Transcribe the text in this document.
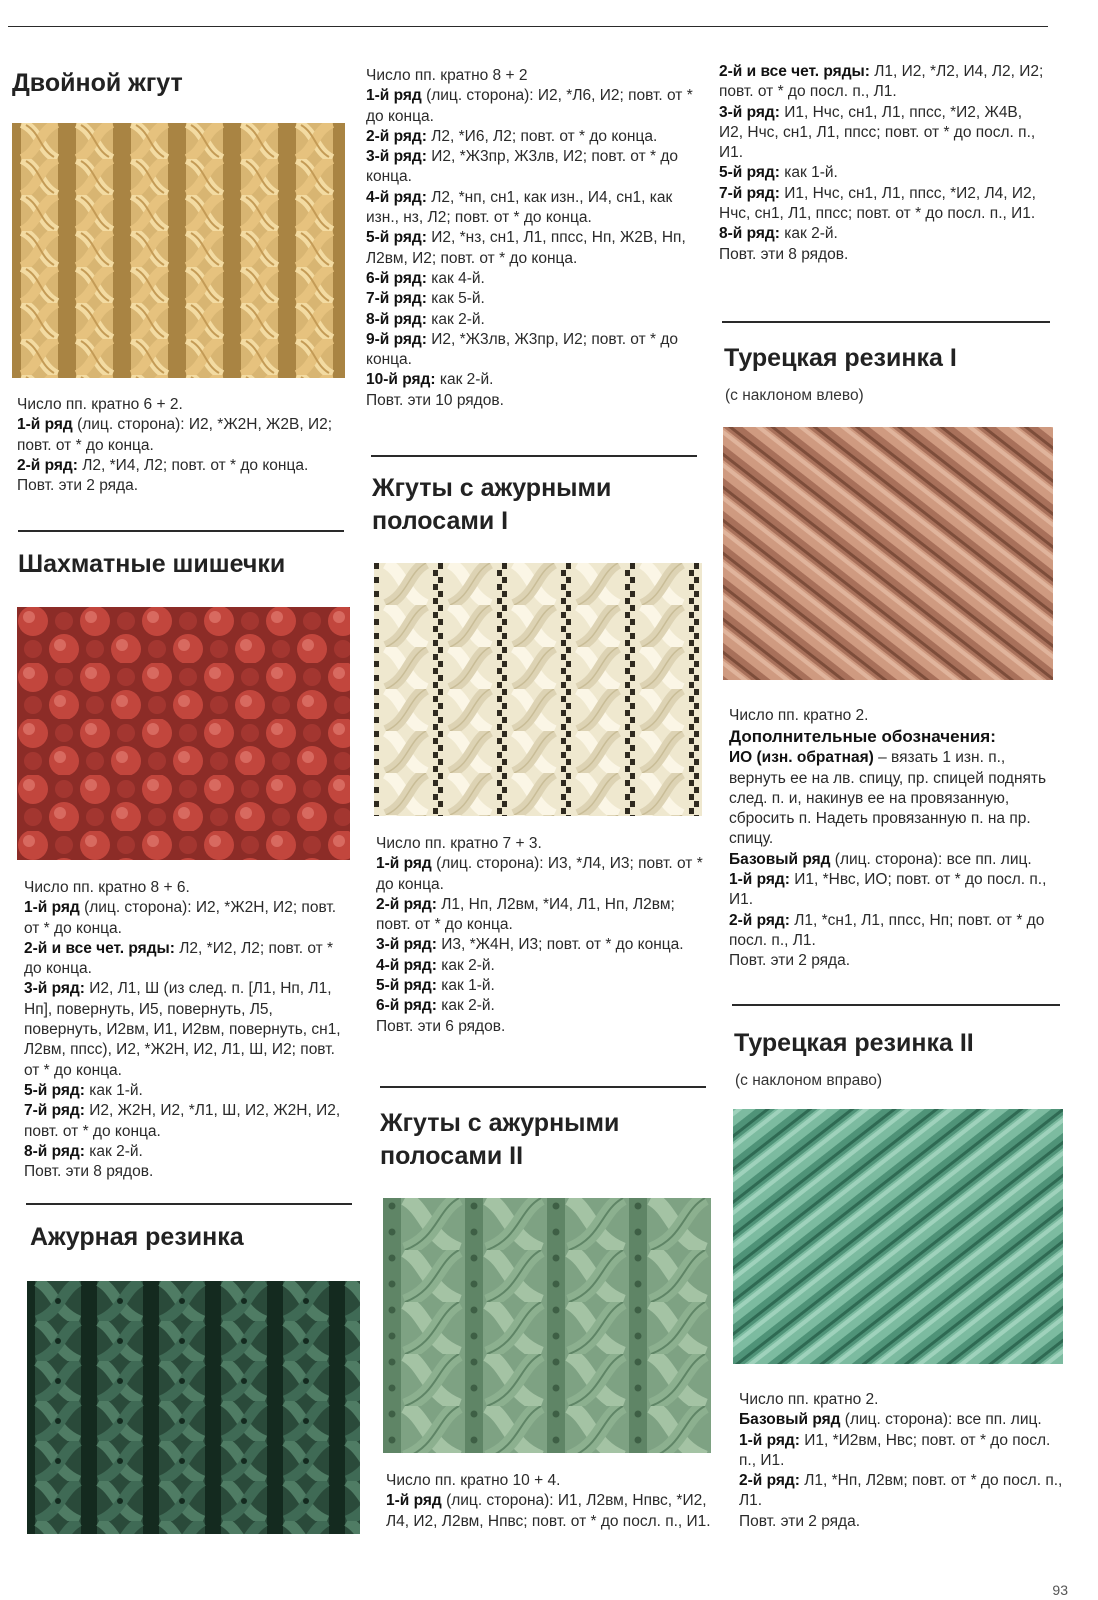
Двойной жгут

Число пп. кратно 6 + 2.

1-й ряд (лиц. сторона): И2, *Ж2Н, Ж2В, И2; повт. от * до конца.

2-й ряд: Л2, *И4, Л2; повт. от * до конца.

Повт. эти 2 ряда.

Шахматные шишечки

Число пп. кратно 8 + 6.

1-й ряд (лиц. сторона): И2, *Ж2Н, И2; повт. от * до конца.

2-й и все чет. ряды: Л2, *И2, Л2; повт. от * до конца.

3-й ряд: И2, Л1, Ш (из след. п. [Л1, Нп, Л1, Нп], повернуть, И5, повернуть, Л5, повернуть, И2вм, И1, И2вм, повернуть, сн1, Л2вм, ппсс), И2, *Ж2Н, И2, Л1, Ш, И2; повт. от * до конца.

5-й ряд: как 1-й.

7-й ряд: И2, Ж2Н, И2, *Л1, Ш, И2, Ж2Н, И2, повт. от * до конца.

8-й ряд: как 2-й.

Повт. эти 8 рядов.

Ажурная резинка

Число пп. кратно 8 + 2

1-й ряд (лиц. сторона): И2, *Л6, И2; повт. от * до конца.

2-й ряд: Л2, *И6, Л2; повт. от * до конца.

3-й ряд: И2, *Ж3пр, Ж3лв, И2; повт. от * до конца.

4-й ряд: Л2, *нп, сн1, как изн., И4, сн1, как изн., нз, Л2; повт. от * до конца.

5-й ряд: И2, *нз, сн1, Л1, ппсс, Нп, Ж2В, Нп, Л2вм, И2; повт. от * до конца.

6-й ряд: как 4-й.

7-й ряд: как 5-й.

8-й ряд: как 2-й.

9-й ряд: И2, *Ж3лв, Ж3пр, И2; повт. от * до конца.

10-й ряд: как 2-й.

Повт. эти 10 рядов.

Жгуты с ажурными
полосами I

Число пп. кратно 7 + 3.

1-й ряд (лиц. сторона): И3, *Л4, И3; повт. от * до конца.

2-й ряд: Л1, Нп, Л2вм, *И4, Л1, Нп, Л2вм; повт. от * до конца.

3-й ряд: И3, *Ж4Н, И3; повт. от * до конца.

4-й ряд: как 2-й.

5-й ряд: как 1-й.

6-й ряд: как 2-й.

Повт. эти 6 рядов.

Жгуты с ажурными
полосами II

Число пп. кратно 10 + 4.

1-й ряд (лиц. сторона): И1, Л2вм, Нпвс, *И2, Л4, И2, Л2вм, Нпвс; повт. от * до посл. п., И1.

2-й и все чет. ряды: Л1, И2, *Л2, И4, Л2, И2; повт. от * до посл. п., Л1.

3-й ряд: И1, Нчс, сн1, Л1, ппсс, *И2, Ж4В, И2, Нчс, сн1, Л1, ппсс; повт. от * до посл. п., И1.

5-й ряд: как 1-й.

7-й ряд: И1, Нчс, сн1, Л1, ппсс, *И2, Л4, И2, Нчс, сн1, Л1, ппсс; повт. от * до посл. п., И1.

8-й ряд: как 2-й.

Повт. эти 8 рядов.

Турецкая резинка I
(с наклоном влево)

Число пп. кратно 2.

Дополнительные обозначения:

ИО (изн. обратная) – вязать 1 изн. п., вернуть ее на лв. спицу, пр. спицей поднять след. п. и, накинув ее на провязанную, сбросить п. Надеть провязанную п. на пр. спицу.

Базовый ряд (лиц. сторона): все пп. лиц.

1-й ряд: И1, *Нвс, ИО; повт. от * до посл. п., И1.

2-й ряд: Л1, *сн1, Л1, ппсс, Нп; повт. от * до посл. п., Л1.

Повт. эти 2 ряда.

Турецкая резинка II
(с наклоном вправо)

Число пп. кратно 2.

Базовый ряд (лиц. сторона): все пп. лиц.

1-й ряд: И1, *И2вм, Нвс; повт. от * до посл. п., И1.

2-й ряд: Л1, *Нп, Л2вм; повт. от * до посл. п., Л1.

Повт. эти 2 ряда.

93
